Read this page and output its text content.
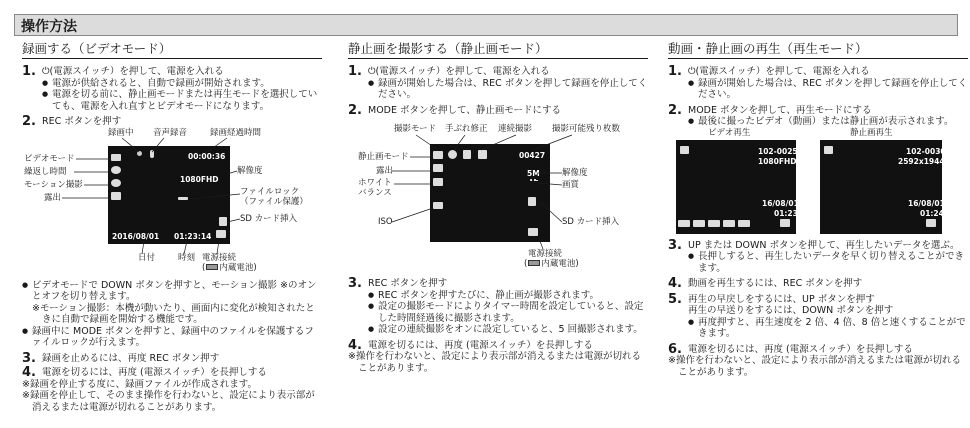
操作方法
録画する（ビデオモード）
1. ⏻(電源スイッチ）を押して、電源を入れる
● 電源が供給されると、自動で録画が開始されます。
● 電源を切る前に、静止画モードまたは再生モードを選択していても、電源を入れ直すとビデオモードになります。
2. REC ボタンを押す
録画中 音声録音	録画経過時間
ビデオモード
繰返し時間
モーション撮影
露出
00:00:36
1080FHD
2016/08/01 01:23:14
解像度
ファイルロック
（ファイル保護）
SD カード挿入
日付	時刻 電源接続
( 内蔵電池)
● ビデオモードで DOWN ボタンを押すと、モーション撮影 ※のオンとオフを切り替えます。
※モーション撮影：本機が動いたり、画面内に変化が検知されたときに自動で録画を開始する機能です。
● 録画中に MODE ボタンを押すと、録画中のファイルを保護するファイルロックが行えます。
3. 録画を止めるには、再度 REC ボタン押す
4. 電源を切るには、再度 (電源スイッチ）を長押しする
※録画を停止する度に、録画ファイルが作成されます。
※録画を停止して、そのまま操作を行わないと、設定により表示部が消えるまたは電源が切れることがあります。
静止画を撮影する（静止画モード）
1. ⏻(電源スイッチ）を押して、電源を入れる
● 録画が開始した場合は、REC ボタンを押して録画を停止してください。
2. MODE ボタンを押して、静止画モードにする
撮影モード 手ぶれ修正 連続撮影 撮影可能残り枚数
静止画モード
露出
ホワイト
バランス
ISO
00427
5M	解像度
画質
SD カード挿入
電源接続
( 内蔵電池)
3. REC ボタンを押す
● REC ボタンを押すたびに、静止画が撮影されます。
● 設定の撮影モードによりタイマー時間を設定していると、設定した時間経過後に撮影されます。
● 設定の連続撮影をオンに設定していると、5 回撮影されます。
4. 電源を切るには、再度 (電源スイッチ）を長押しする
※操作を行わないと、設定により表示部が消えるまたは電源が切れることがあります。
動画・静止画の再生（再生モード）
1. ⏻(電源スイッチ）を押して、電源を入れる
● 録画が開始した場合は、REC ボタンを押して録画を停止してください。
2. MODE ボタンを押して、再生モードにする
● 最後に撮ったビデオ（動画）または静止画が表示されます。
ビデオ再生	静止画再生
102-0025
1080FHD
16/08/01
01:23
102-0030
2592x1944
16/08/01
01:24
3. UP または DOWN ボタンを押して、再生したいデータを選ぶ。
● 長押しすると、再生したいデータを早く切り替えることができます。
4. 動画を再生するには、REC ボタンを押す
5. 再生の早戻しをするには、UP ボタンを押す
再生の早送りをするには、DOWN ボタンを押す
● 再度押すと、再生速度を 2 倍、4 倍、8 倍と速くすることができます。
6. 電源を切るには、再度 (電源スイッチ）を長押しする
※操作を行わないと、設定により表示部が消えるまたは電源が切れることがあります。
